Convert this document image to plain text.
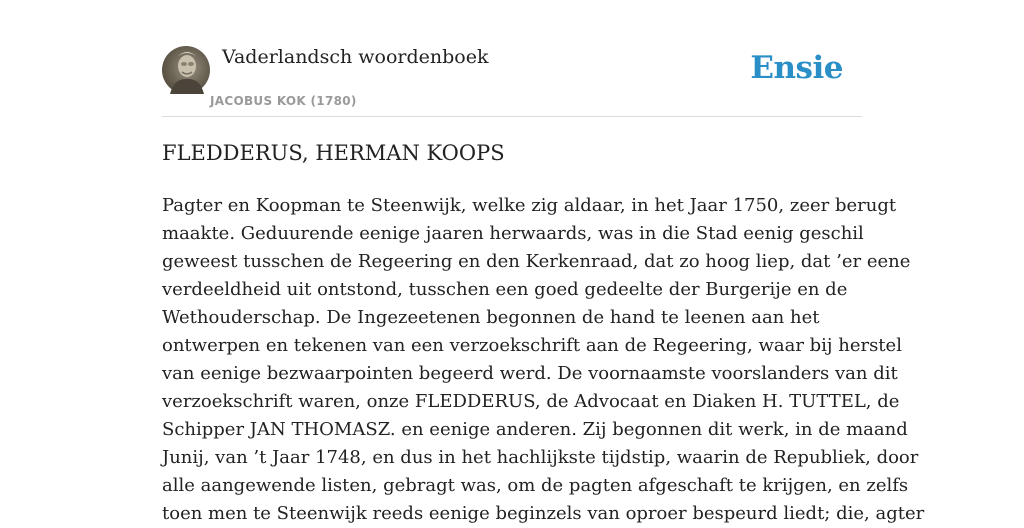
Vaderlandsch woordenboek
JACOBUS KOK (1780)
Ensie
FLEDDERUS, HERMAN KOOPS
Pagter en Koopman te Steenwijk, welke zig aldaar, in het Jaar 1750, zeer berugt
maakte. Geduurende eenige jaaren herwaards, was in die Stad eenig geschil
geweest tusschen de Regeering en den Kerkenraad, dat zo hoog liep, dat ’er eene
verdeeldheid uit ontstond, tusschen een goed gedeelte der Burgerije en de
Wethouderschap. De Ingezeetenen begonnen de hand te leenen aan het
ontwerpen en tekenen van een verzoekschrift aan de Regeering, waar bij herstel
van eenige bezwaarpointen begeerd werd. De voornaamste voorslanders van dit
verzoekschrift waren, onze FLEDDERUS, de Advocaat en Diaken H. TUTTEL, de
Schipper JAN THOMASZ. en eenige anderen. Zij begonnen dit werk, in de maand
Junij, van ’t Jaar 1748, en dus in het hachlijkste tijdstip, waarin de Republiek, door
alle aangewende listen, gebragt was, om de pagten afgeschaft te krijgen, en zelfs
toen men te Steenwijk reeds eenige beginzels van oproer bespeurd liedt; die, agter
